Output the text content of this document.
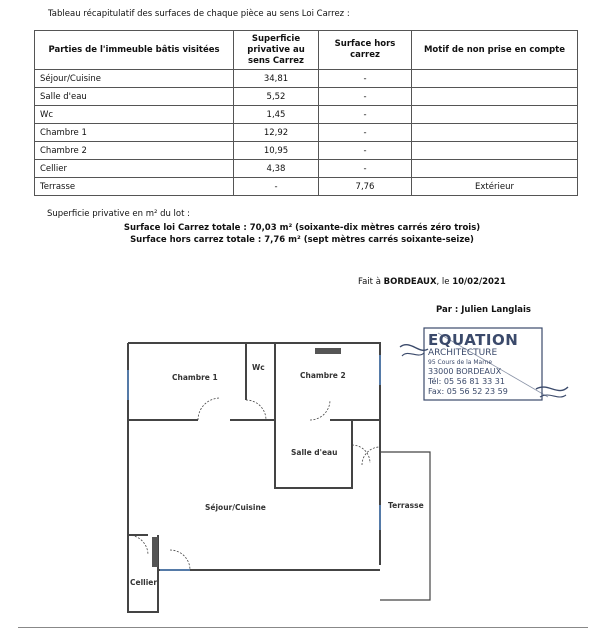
Tableau récapitulatif des surfaces de chaque pièce au sens Loi Carrez :
Parties de l'immeuble bâtis visitées	Superficie privative au sens Carrez	Surface hors carrez	Motif de non prise en compte
Séjour/Cuisine	34,81	-	
Salle d'eau	5,52	-	
Wc	1,45	-	
Chambre 1	12,92	-	
Chambre 2	10,95	-	
Cellier	4,38	-	
Terrasse	-	7,76	Extérieur
Superficie privative en m² du lot :
Surface loi Carrez totale : 70,03 m² (soixante-dix mètres carrés zéro trois)
Surface hors carrez totale : 7,76 m² (sept mètres carrés soixante-seize)
Fait à BORDEAUX, le 10/02/2021
Par : Julien Langlais
EQUATION
ARCHITECTURE
95 Cours de la Marne
33000 BORDEAUX
Tél: 05 56 81 33 31
Fax: 05 56 52 23 59
Chambre 1
Wc
Chambre 2
Salle d'eau
Séjour/Cuisine	Terrasse
Cellier
